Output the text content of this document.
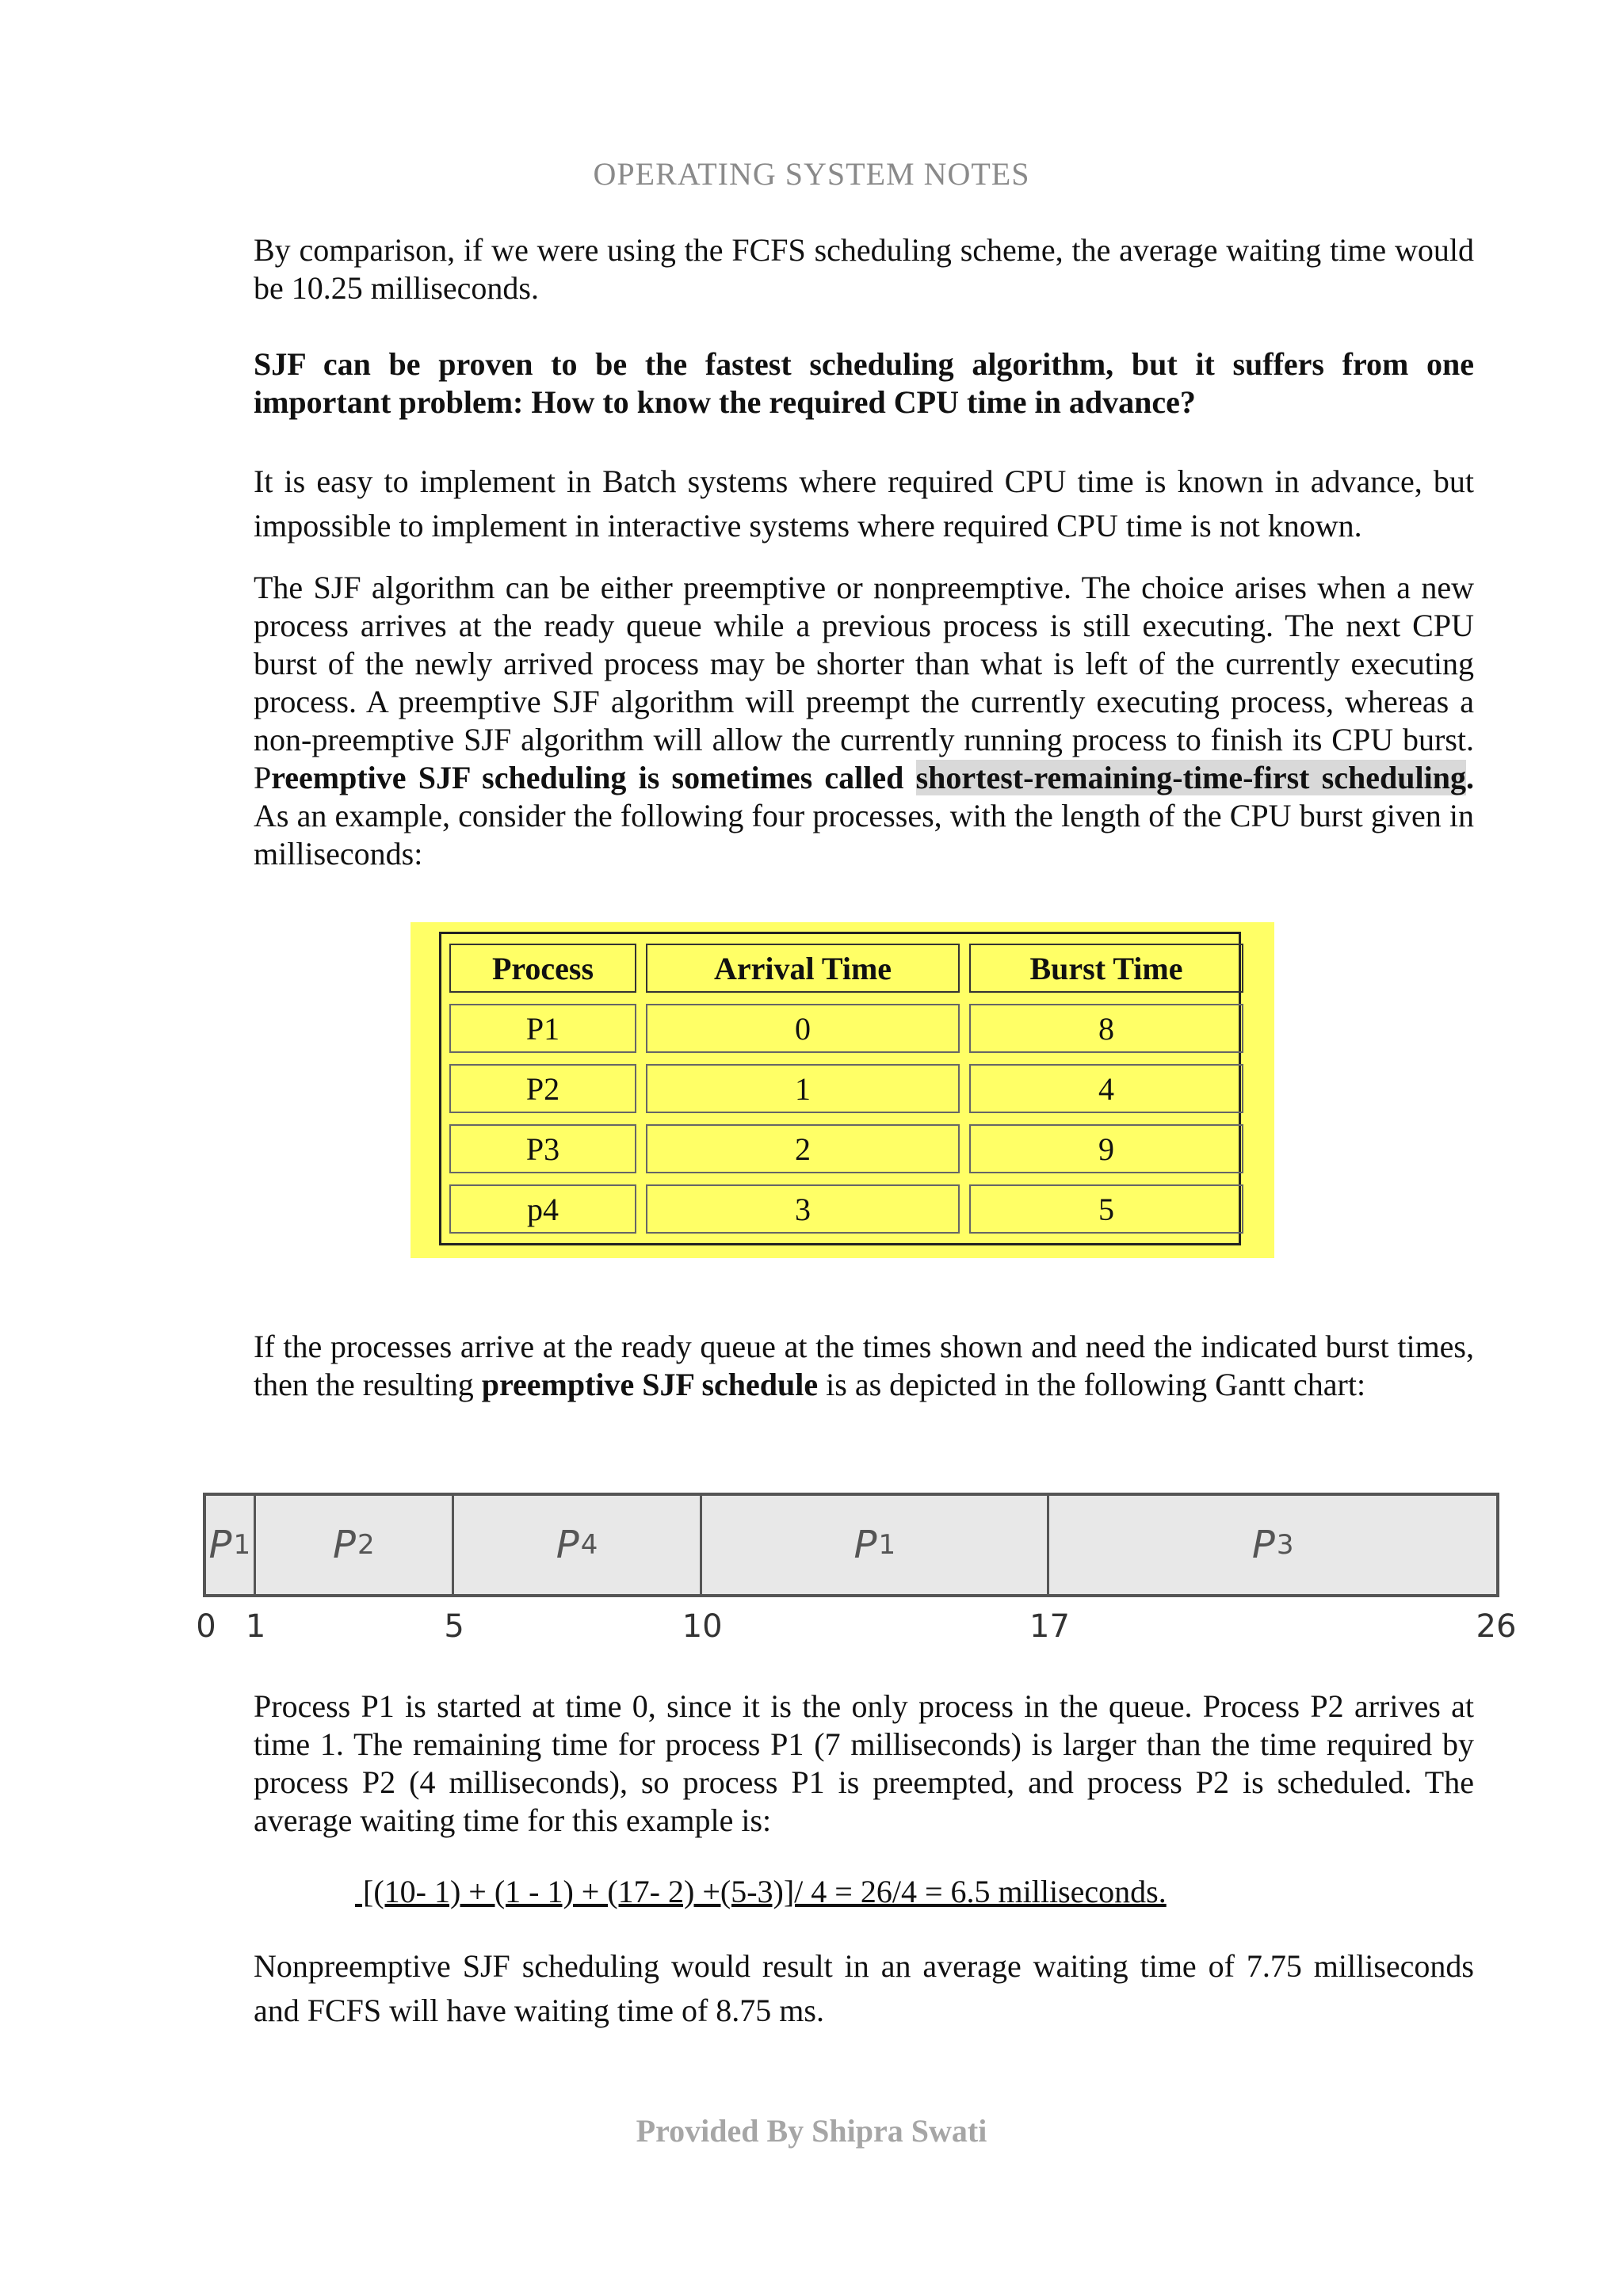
OPERATING SYSTEM NOTES

By comparison, if we were using the FCFS scheduling scheme, the average waiting time would be 10.25 milliseconds.

SJF can be proven to be the fastest scheduling algorithm, but it suffers from one important problem: How to know the required CPU time in advance?

It is easy to implement in Batch systems where required CPU time is known in advance, but impossible to implement in interactive systems where required CPU time is not known.

The SJF algorithm can be either preemptive or nonpreemptive. The choice arises when a new process arrives at the ready queue while a previous process is still executing. The next CPU burst of the newly arrived process may be shorter than what is left of the currently executing process. A preemptive SJF algorithm will preempt the currently executing process, whereas a non-preemptive SJF algorithm will allow the currently running process to finish its CPU burst. Preemptive SJF scheduling is sometimes called shortest-remaining-time-first scheduling. As an example, consider the following four processes, with the length of the CPU burst given in milliseconds:

Process	Arrival Time	Burst Time
P1	0	8
P2	1	4
P3	2	9
p4	3	5

If the processes arrive at the ready queue at the times shown and need the indicated burst times, then the resulting preemptive SJF schedule is as depicted in the following Gantt chart:

P 1 P 2	P 4	P 1	P 3
0 1	5	10	17	26

Process P1 is started at time 0, since it is the only process in the queue. Process P2 arrives at time 1. The remaining time for process P1 (7 milliseconds) is larger than the time required by process P2 (4 milliseconds), so process P1 is preempted, and process P2 is scheduled. The average waiting time for this example is:

[(10- 1) + (1 - 1) + (17- 2) +(5-3)]/ 4 = 26/4 = 6.5 milliseconds.

Nonpreemptive SJF scheduling would result in an average waiting time of 7.75 milliseconds and FCFS will have waiting time of 8.75 ms.

Provided By Shipra Swati
